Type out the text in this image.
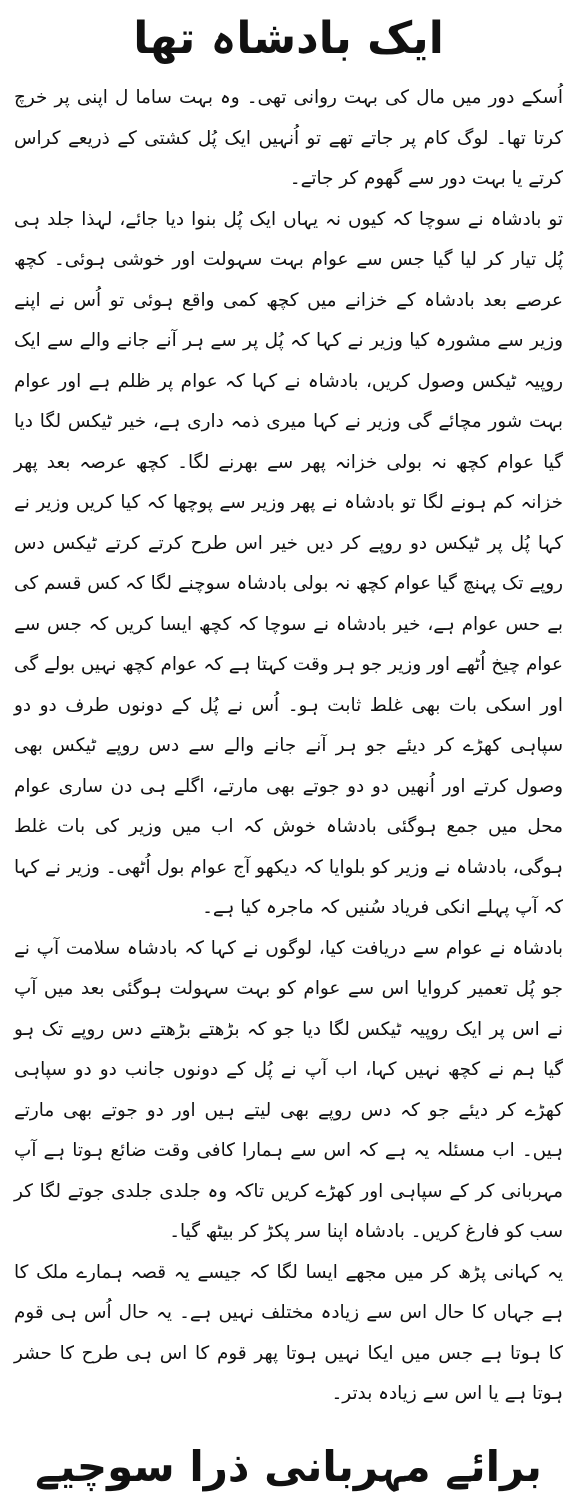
ایک بادشاہ تھا

اُسکے دور میں مال کی بہت روانی تھی۔ وہ بہت ساما ل اپنی پر خرچ کرتا تھا۔ لوگ کام پر جاتے تھے تو اُنہیں ایک پُل کشتی کے ذریعے کراس کرتے یا بہت دور سے گھوم کر جاتے۔

تو بادشاہ نے سوچا کہ کیوں نہ یہاں ایک پُل بنوا دیا جائے، لہذا جلد ہی پُل تیار کر لیا گیا جس سے عوام بہت سہولت اور خوشی ہوئی۔ کچھ عرصے بعد بادشاہ کے خزانے میں کچھ کمی واقع ہوئی تو اُس نے اپنے وزیر سے مشورہ کیا وزیر نے کہا کہ پُل پر سے ہر آنے جانے والے سے ایک روپیہ ٹیکس وصول کریں، بادشاہ نے کہا کہ عوام پر ظلم ہے اور عوام بہت شور مچائے گی وزیر نے کہا میری ذمہ داری ہے، خیر ٹیکس لگا دیا گیا عوام کچھ نہ بولی خزانہ پھر سے بھرنے لگا۔ کچھ عرصہ بعد پھر خزانہ کم ہونے لگا تو بادشاہ نے پھر وزیر سے پوچھا کہ کیا کریں وزیر نے کہا پُل پر ٹیکس دو روپے کر دیں خیر اس طرح کرتے کرتے ٹیکس دس روپے تک پہنچ گیا عوام کچھ نہ بولی بادشاہ سوچنے لگا کہ کس قسم کی بے حس عوام ہے، خیر بادشاہ نے سوچا کہ کچھ ایسا کریں کہ جس سے عوام چیخ اُٹھے اور وزیر جو ہر وقت کہتا ہے کہ عوام کچھ نہیں بولے گی اور اسکی بات بھی غلط ثابت ہو۔ اُس نے پُل کے دونوں طرف دو دو سپاہی کھڑے کر دیئے جو ہر آنے جانے والے سے دس روپے ٹیکس بھی وصول کرتے اور اُنھیں دو دو جوتے بھی مارتے، اگلے ہی دن ساری عوام محل میں جمع ہوگئی بادشاہ خوش کہ اب میں وزیر کی بات غلط ہوگی، بادشاہ نے وزیر کو بلوایا کہ دیکھو آج عوام بول اُٹھی۔ وزیر نے کہا کہ آپ پہلے انکی فریاد سُنیں کہ ماجرہ کیا ہے۔

بادشاہ نے عوام سے دریافت کیا، لوگوں نے کہا کہ بادشاہ سلامت آپ نے جو پُل تعمیر کروایا اس سے عوام کو بہت سہولت ہوگئی بعد میں آپ نے اس پر ایک روپیہ ٹیکس لگا دیا جو کہ بڑھتے بڑھتے دس روپے تک ہو گیا ہم نے کچھ نہیں کہا، اب آپ نے پُل کے دونوں جانب دو دو سپاہی کھڑے کر دیئے جو کہ دس روپے بھی لیتے ہیں اور دو جوتے بھی مارتے ہیں۔ اب مسئلہ یہ ہے کہ اس سے ہمارا کافی وقت ضائع ہوتا ہے آپ مہربانی کر کے سپاہی اور کھڑے کریں تاکہ وہ جلدی جلدی جوتے لگا کر سب کو فارغ کریں۔ بادشاہ اپنا سر پکڑ کر بیٹھ گیا۔

یہ کہانی پڑھ کر میں مجھے ایسا لگا کہ جیسے یہ قصہ ہمارے ملک کا ہے جہاں کا حال اس سے زیادہ مختلف نہیں ہے۔ یہ حال اُس ہی قوم کا ہوتا ہے جس میں ایکا نہیں ہوتا پھر قوم کا اس ہی طرح کا حشر ہوتا ہے یا اس سے زیادہ بدتر۔

برائے مہربانی ذرا سوچیے
